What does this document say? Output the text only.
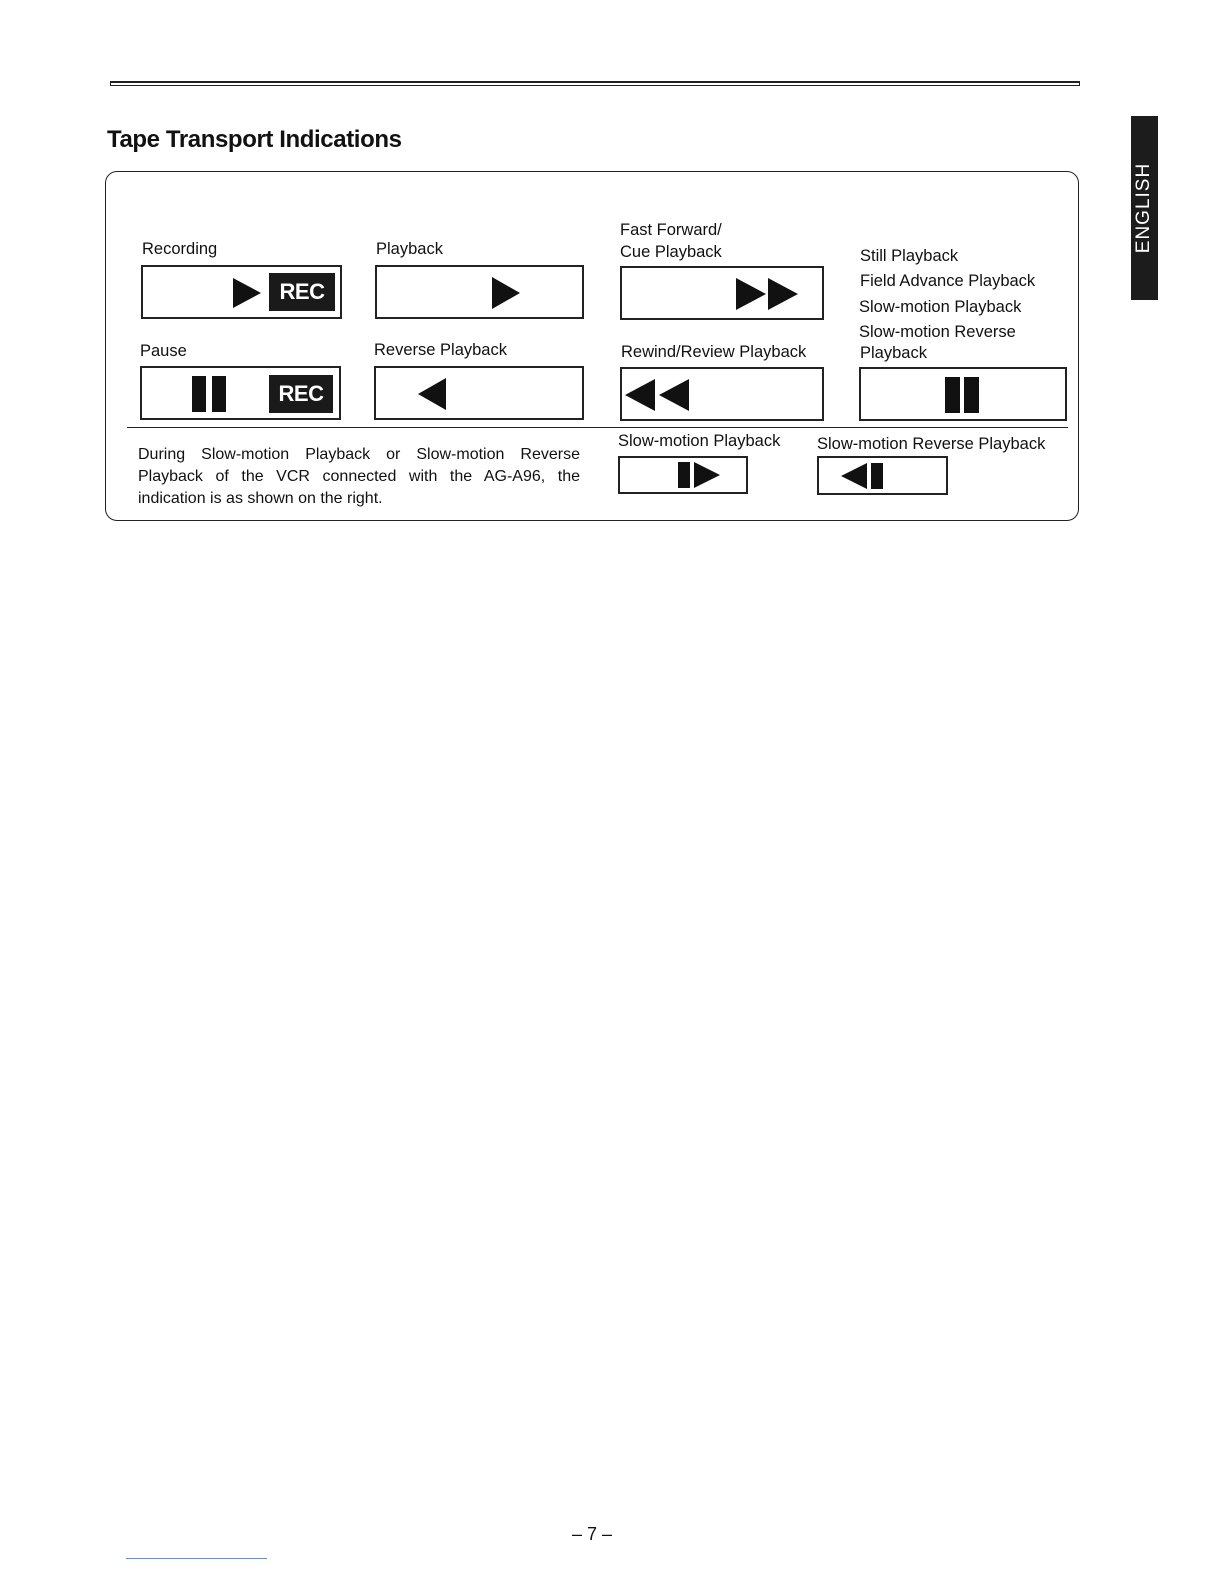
Tape Transport Indications
ENGLISH
Recording
REC
Playback
Fast Forward/
Cue Playback	Still Playback
Field Advance Playback
Slow-motion Playback
Slow-motion Reverse
Playback
Pause
REC
Reverse Playback	Rewind/Review Playback

During Slow-motion Playback or Slow-motion Reverse Playback of the VCR connected with the AG-A96, the indication is as shown on the right.

Slow-motion Playback Slow-motion Reverse Playback
– 7 –
